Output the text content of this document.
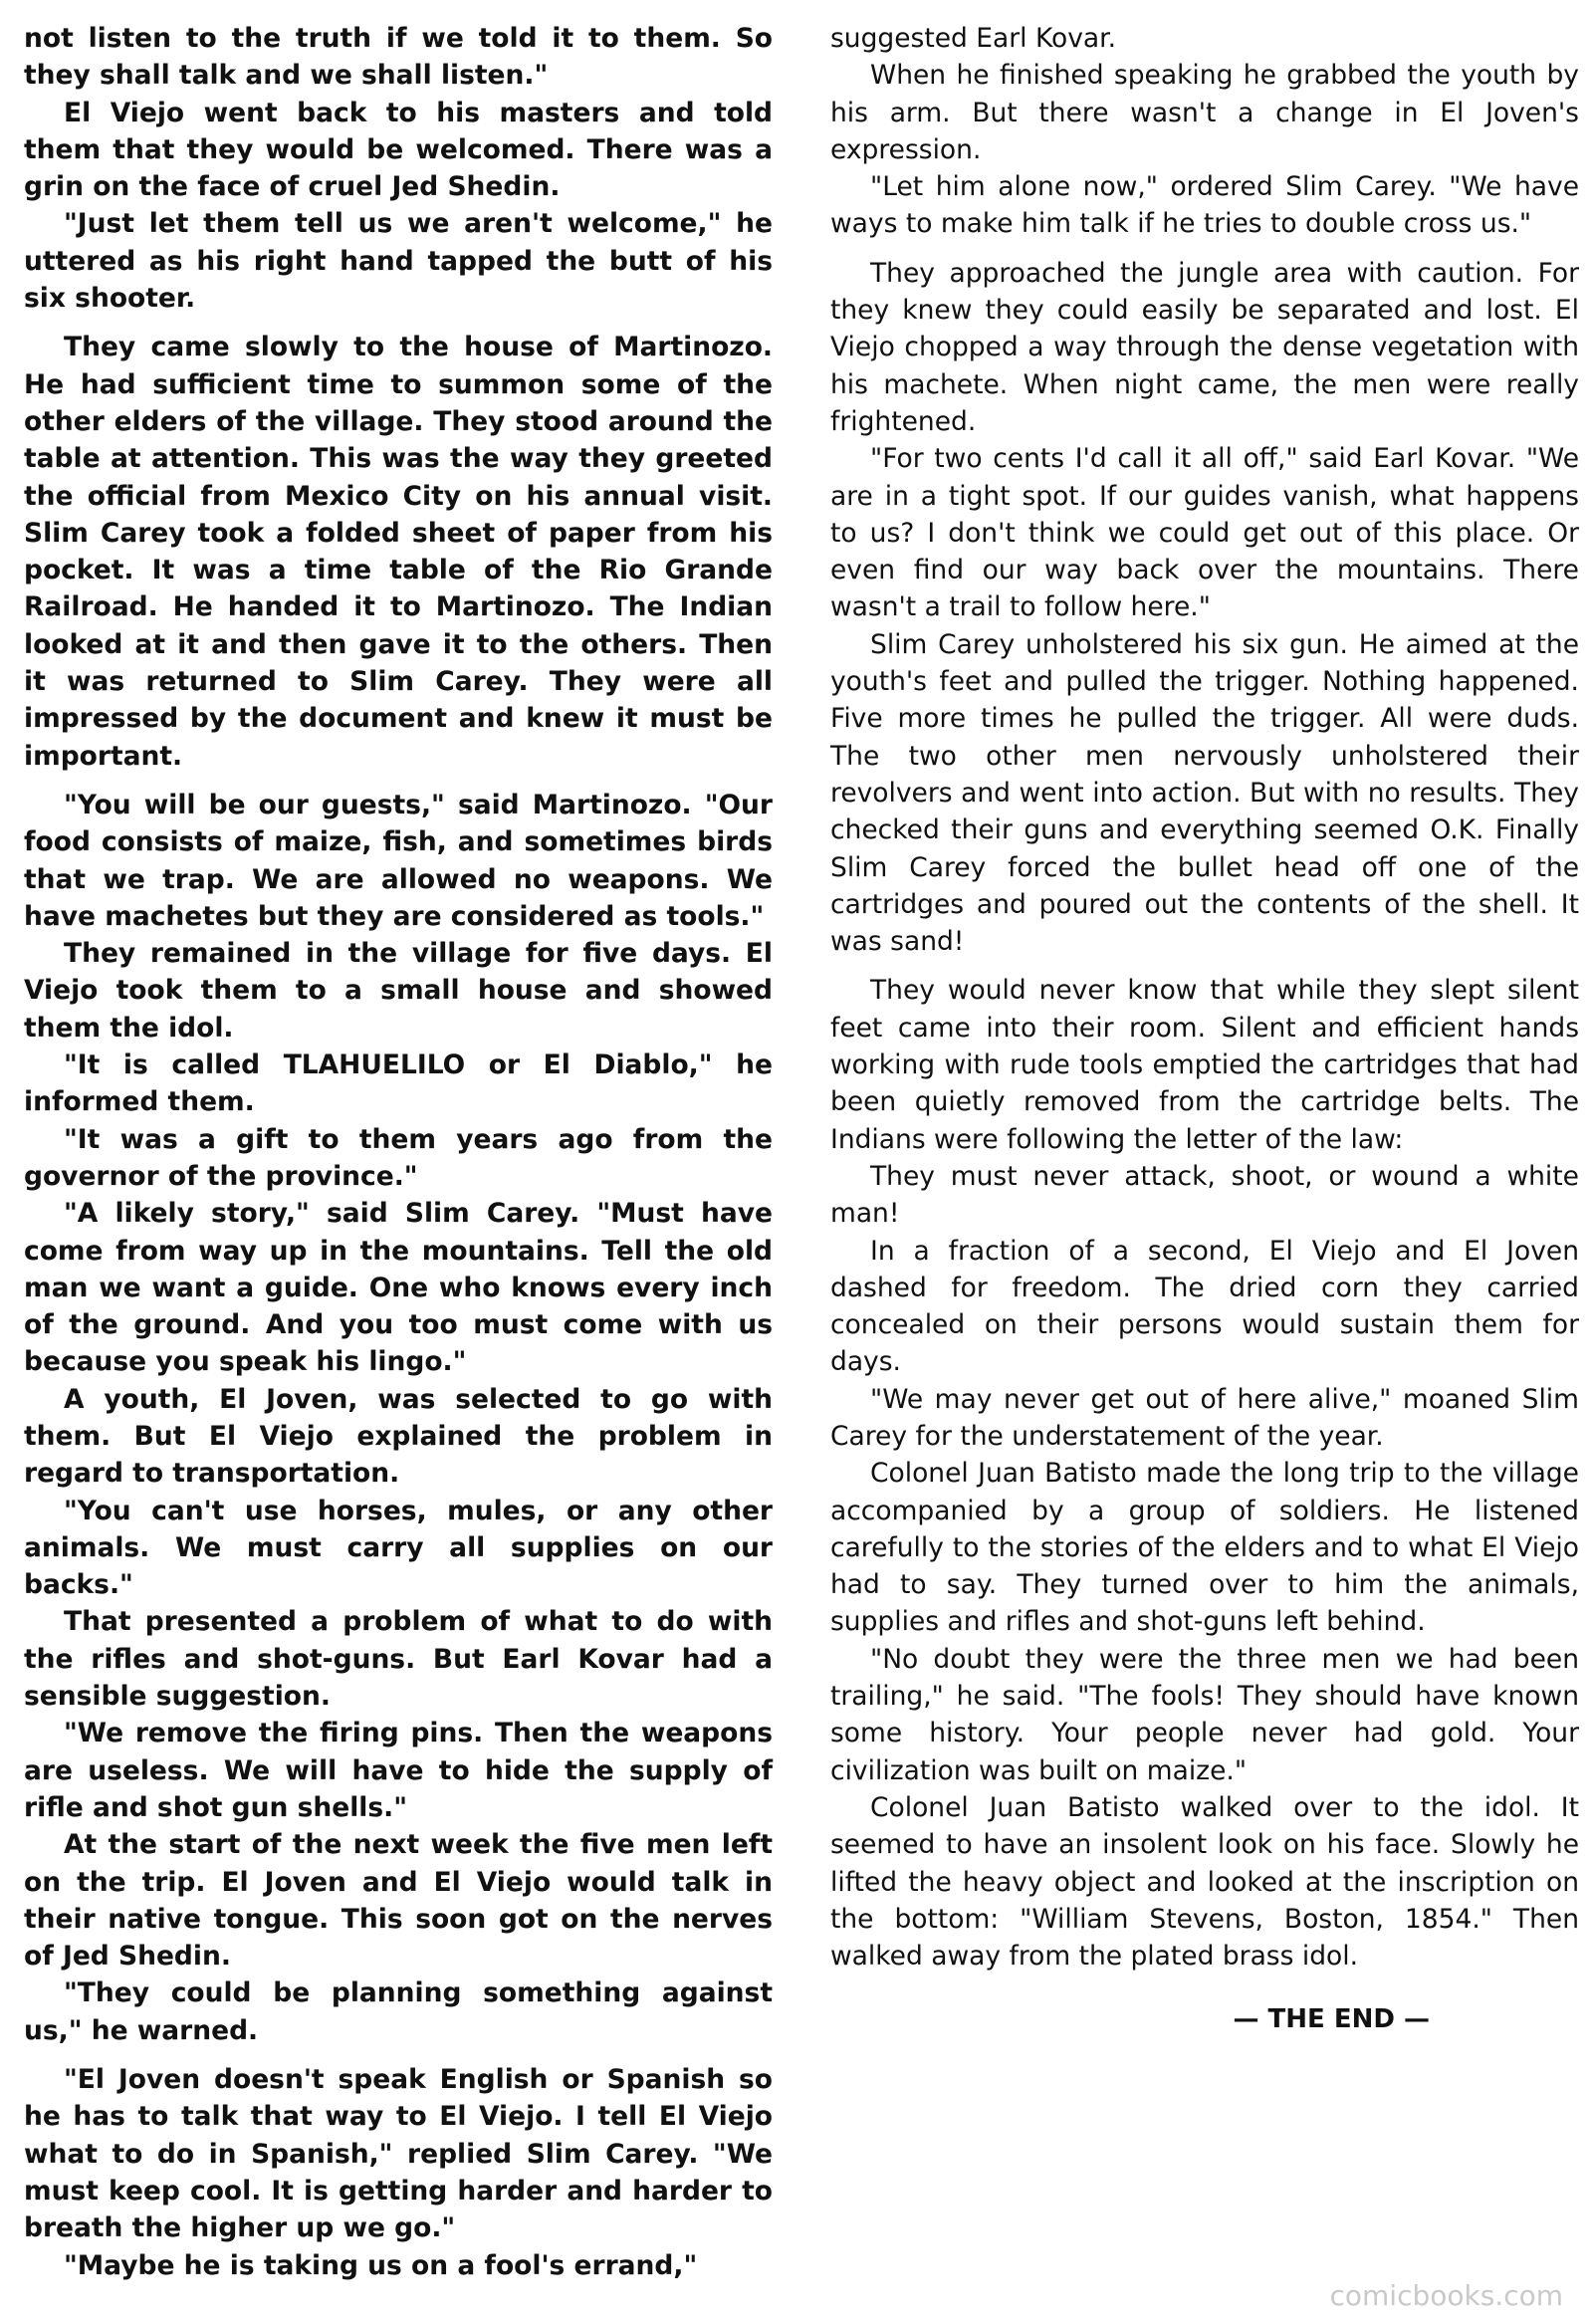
not listen to the truth if we told it to them. So they shall talk and we shall listen."

El Viejo went back to his masters and told them that they would be welcomed. There was a grin on the face of cruel Jed Shedin.

"Just let them tell us we aren't welcome," he uttered as his right hand tapped the butt of his six shooter.

They came slowly to the house of Martinozo. He had sufficient time to summon some of the other elders of the village. They stood around the table at attention. This was the way they greeted the official from Mexico City on his annual visit. Slim Carey took a folded sheet of paper from his pocket. It was a time table of the Rio Grande Railroad. He handed it to Martinozo. The Indian looked at it and then gave it to the others. Then it was returned to Slim Carey. They were all impressed by the document and knew it must be important.

"You will be our guests," said Martinozo. "Our food consists of maize, fish, and sometimes birds that we trap. We are allowed no weapons. We have machetes but they are considered as tools."

They remained in the village for five days. El Viejo took them to a small house and showed them the idol.

"It is called TLAHUELILO or El Diablo," he informed them.

"It was a gift to them years ago from the governor of the province."

"A likely story," said Slim Carey. "Must have come from way up in the mountains. Tell the old man we want a guide. One who knows every inch of the ground. And you too must come with us because you speak his lingo."

A youth, El Joven, was selected to go with them. But El Viejo explained the problem in regard to transportation.

"You can't use horses, mules, or any other animals. We must carry all supplies on our backs."

That presented a problem of what to do with the rifles and shot-guns. But Earl Kovar had a sensible suggestion.

"We remove the firing pins. Then the weapons are useless. We will have to hide the supply of rifle and shot gun shells."

At the start of the next week the five men left on the trip. El Joven and El Viejo would talk in their native tongue. This soon got on the nerves of Jed Shedin.

"They could be planning something against us," he warned.

"El Joven doesn't speak English or Spanish so he has to talk that way to El Viejo. I tell El Viejo what to do in Spanish," replied Slim Carey. "We must keep cool. It is getting harder and harder to breath the higher up we go."

"Maybe he is taking us on a fool's errand,"

suggested Earl Kovar.

When he finished speaking he grabbed the youth by his arm. But there wasn't a change in El Joven's expression.

"Let him alone now," ordered Slim Carey. "We have ways to make him talk if he tries to double cross us."

They approached the jungle area with caution. For they knew they could easily be separated and lost. El Viejo chopped a way through the dense vegetation with his machete. When night came, the men were really frightened.

"For two cents I'd call it all off," said Earl Kovar. "We are in a tight spot. If our guides vanish, what happens to us? I don't think we could get out of this place. Or even find our way back over the mountains. There wasn't a trail to follow here."

Slim Carey unholstered his six gun. He aimed at the youth's feet and pulled the trigger. Nothing happened. Five more times he pulled the trigger. All were duds. The two other men nervously unholstered their revolvers and went into action. But with no results. They checked their guns and everything seemed O.K. Finally Slim Carey forced the bullet head off one of the cartridges and poured out the contents of the shell. It was sand!

They would never know that while they slept silent feet came into their room. Silent and efficient hands working with rude tools emptied the cartridges that had been quietly removed from the cartridge belts. The Indians were following the letter of the law:

They must never attack, shoot, or wound a white man!

In a fraction of a second, El Viejo and El Joven dashed for freedom. The dried corn they carried concealed on their persons would sustain them for days.

"We may never get out of here alive," moaned Slim Carey for the understatement of the year.

Colonel Juan Batisto made the long trip to the village accompanied by a group of soldiers. He listened carefully to the stories of the elders and to what El Viejo had to say. They turned over to him the animals, supplies and rifles and shot-guns left behind.

"No doubt they were the three men we had been trailing," he said. "The fools! They should have known some history. Your people never had gold. Your civilization was built on maize."

Colonel Juan Batisto walked over to the idol. It seemed to have an insolent look on his face. Slowly he lifted the heavy object and looked at the inscription on the bottom: "William Stevens, Boston, 1854." Then walked away from the plated brass idol.

— THE END —
comicbooks.com
